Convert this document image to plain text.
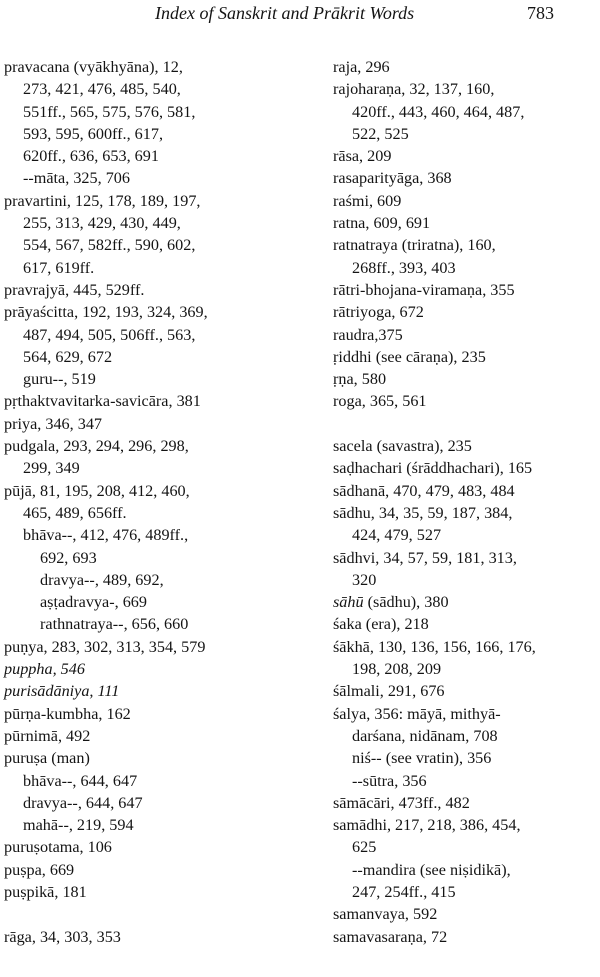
Index of Sanskrit and Prākrit Words	783
pravacana (vyākhyāna), 12,
273, 421, 476, 485, 540,
551ff., 565, 575, 576, 581,
593, 595, 600ff., 617,
620ff., 636, 653, 691
--māta, 325, 706
pravartini, 125, 178, 189, 197,
255, 313, 429, 430, 449,
554, 567, 582ff., 590, 602,
617, 619ff.
pravrajyā, 445, 529ff.
prāyaścitta, 192, 193, 324, 369,
487, 494, 505, 506ff., 563,
564, 629, 672
guru--, 519
pṛthaktvavitarka-savicāra, 381
priya, 346, 347
pudgala, 293, 294, 296, 298,
299, 349
pūjā, 81, 195, 208, 412, 460,
465, 489, 656ff.
bhāva--, 412, 476, 489ff.,
692, 693
dravya--, 489, 692,
aṣṭadravya-, 669
rathnatraya--, 656, 660
puṇya, 283, 302, 313, 354, 579
puppha, 546
purisādāniya, 111
pūrṇa-kumbha, 162
pūrnimā, 492
puruṣa (man)
bhāva--, 644, 647
dravya--, 644, 647
mahā--, 219, 594
puruṣotama, 106
puṣpa, 669
puṣpikā, 181
rāga, 34, 303, 353
raja, 296
rajoharaṇa, 32, 137, 160,
420ff., 443, 460, 464, 487,
522, 525
rāsa, 209
rasaparityāga, 368
raśmi, 609
ratna, 609, 691
ratnatraya (triratna), 160,
268ff., 393, 403
rātri-bhojana-viramaṇa, 355
rātriyoga, 672
raudra,375
ṛiddhi (see cāraṇa), 235
ṛṇa, 580
roga, 365, 561
sacela (savastra), 235
saḍhachari (śrāddhachari), 165
sādhanā, 470, 479, 483, 484
sādhu, 34, 35, 59, 187, 384,
424, 479, 527
sādhvi, 34, 57, 59, 181, 313,
320
sāhū (sādhu), 380
śaka (era), 218
śākhā, 130, 136, 156, 166, 176,
198, 208, 209
śālmali, 291, 676
śalya, 356: māyā, mithyā-
darśana, nidānam, 708
niś-- (see vratin), 356
--sūtra, 356
sāmācāri, 473ff., 482
samādhi, 217, 218, 386, 454,
625
--mandira (see niṣidikā),
247, 254ff., 415
samanvaya, 592
samavasaraṇa, 72
